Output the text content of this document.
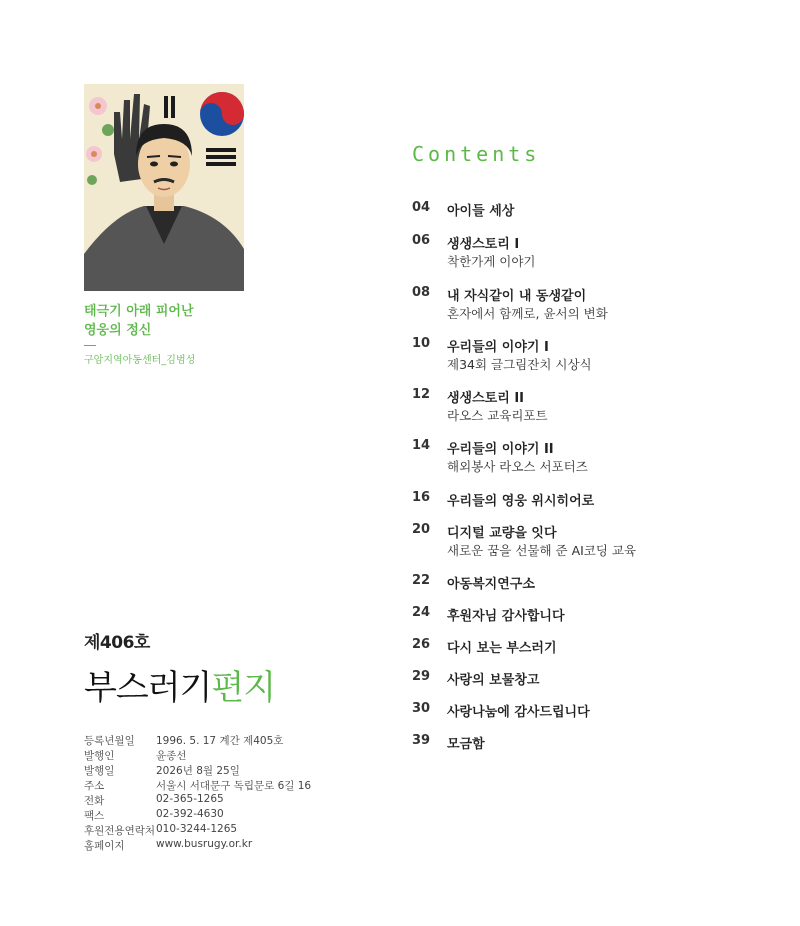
태극기 아래 피어난
영웅의 정신
구암지역아동센터_김범성
Contents
04 아이들 세상
06 생생스토리 I
착한가게 이야기
08 내 자식같이 내 동생같이
혼자에서 함께로, 윤서의 변화
10 우리들의 이야기 I
제34회 글그림잔치 시상식
12 생생스토리 II
라오스 교육리포트
14 우리들의 이야기 II
해외봉사 라오스 서포터즈
16 우리들의 영웅 위시히어로
20 디지털 교량을 잇다
새로운 꿈을 선물해 준 AI코딩 교육
22 아동복지연구소
24 후원자님 감사합니다
26 다시 보는 부스러기
29 사랑의 보물창고
30 사랑나눔에 감사드립니다
39 모금함
제406호
부스러기편지
등록년월일 1996. 5. 17 계간 제405호
발행인	윤종선
발행일	2026년 8월 25일
주소	서울시 서대문구 독립문로 6길 16
전화	02-365-1265
팩스	02-392-4630
후원전용연락처 010-3244-1265
홈페이지	www.busrugy.or.kr
